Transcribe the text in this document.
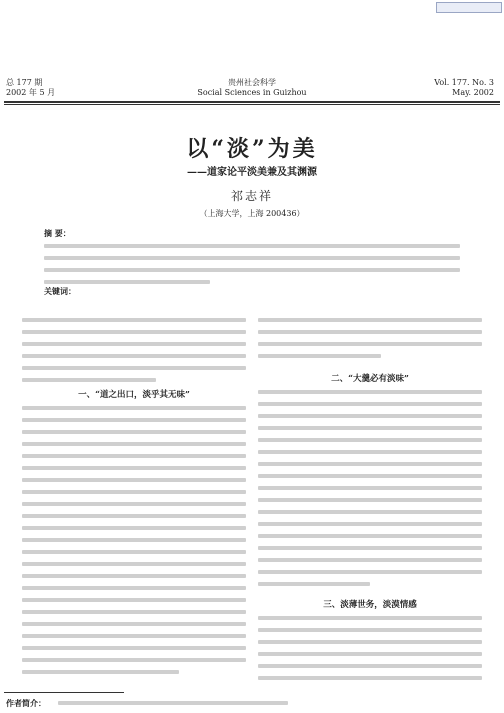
总 177 期
2002 年 5 月
贵州社会科学
Social Sciences in Guizhou
Vol. 177. No. 3
May. 2002
以“淡”为美
——道家论平淡美兼及其渊源
祁志祥
（上海大学，上海 200436）
摘 要：
关键词：
一、“道之出口，淡乎其无味”
二、“大羹必有淡味”
三、淡薄世务，淡漠情感
作者简介：
